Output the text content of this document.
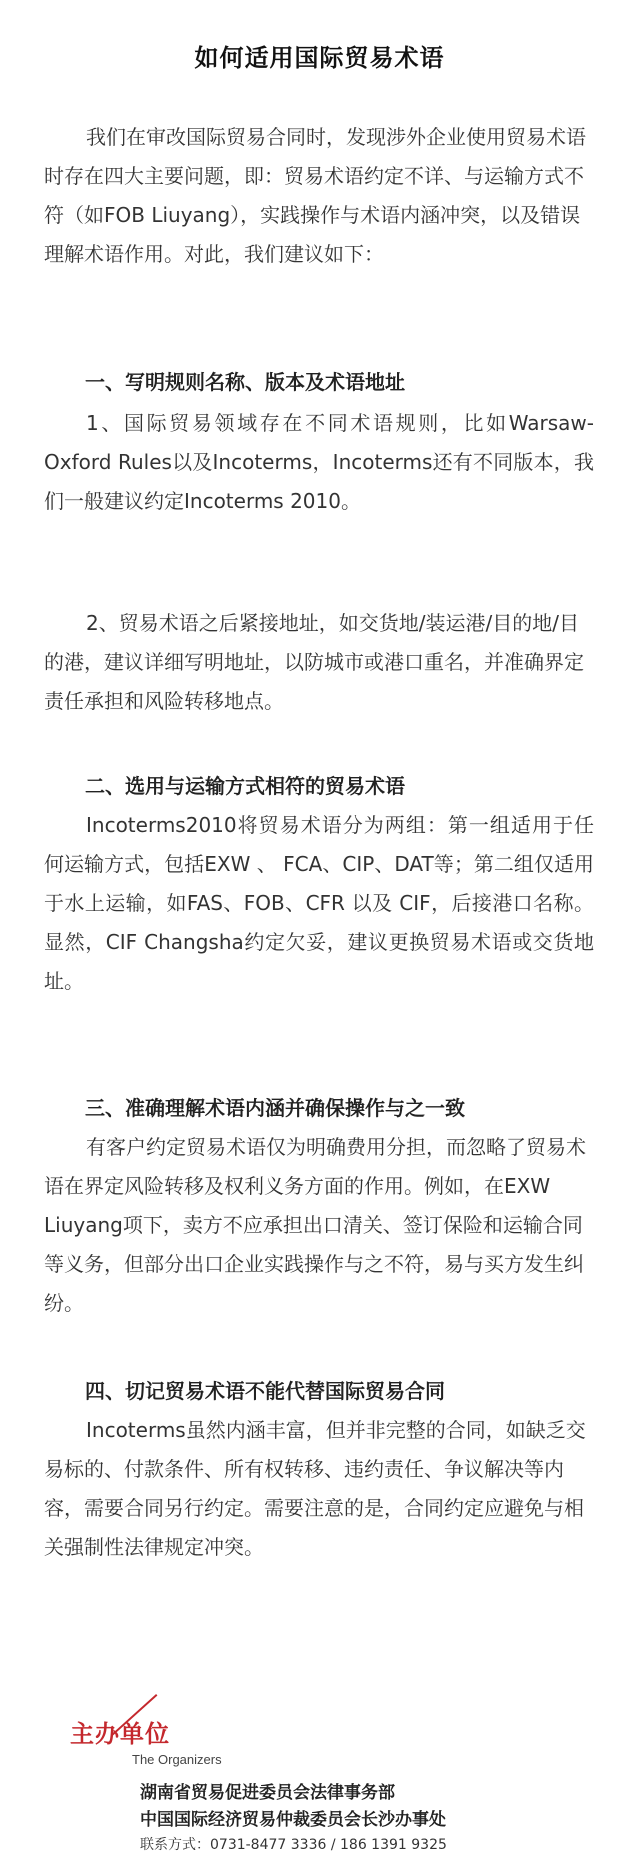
如何适用国际贸易术语
我们在审改国际贸易合同时，发现涉外企业使用贸易术语时存在四大主要问题，即：贸易术语约定不详、与运输方式不符（如FOB Liuyang），实践操作与术语内涵冲突，以及错误理解术语作用。对此，我们建议如下：
一、写明规则名称、版本及术语地址

1、国际贸易领域存在不同术语规则，比如Warsaw-Oxford Rules以及Incoterms，Incoterms还有不同版本，我们一般建议约定Incoterms 2010。

2、贸易术语之后紧接地址，如交货地/装运港/目的地/目的港，建议详细写明地址，以防城市或港口重名，并准确界定责任承担和风险转移地点。

二、选用与运输方式相符的贸易术语

Incoterms2010将贸易术语分为两组：第一组适用于任何运输方式，包括EXW 、 FCA、CIP、DAT等；第二组仅适用于水上运输，如FAS、FOB、CFR 以及 CIF，后接港口名称。显然，CIF Changsha约定欠妥，建议更换贸易术语或交货地址。

三、准确理解术语内涵并确保操作与之一致

有客户约定贸易术语仅为明确费用分担，而忽略了贸易术语在界定风险转移及权利义务方面的作用。例如，在EXW Liuyang项下，卖方不应承担出口清关、签订保险和运输合同等义务，但部分出口企业实践操作与之不符，易与买方发生纠纷。

四、切记贸易术语不能代替国际贸易合同

Incoterms虽然内涵丰富，但并非完整的合同，如缺乏交易标的、付款条件、所有权转移、违约责任、争议解决等内容，需要合同另行约定。需要注意的是，合同约定应避免与相关强制性法律规定冲突。

主办单位
The Organizers
湖南省贸易促进委员会法律事务部
中国国际经济贸易仲裁委员会长沙办事处
联系方式：0731-8477 3336 / 186 1391 9325
